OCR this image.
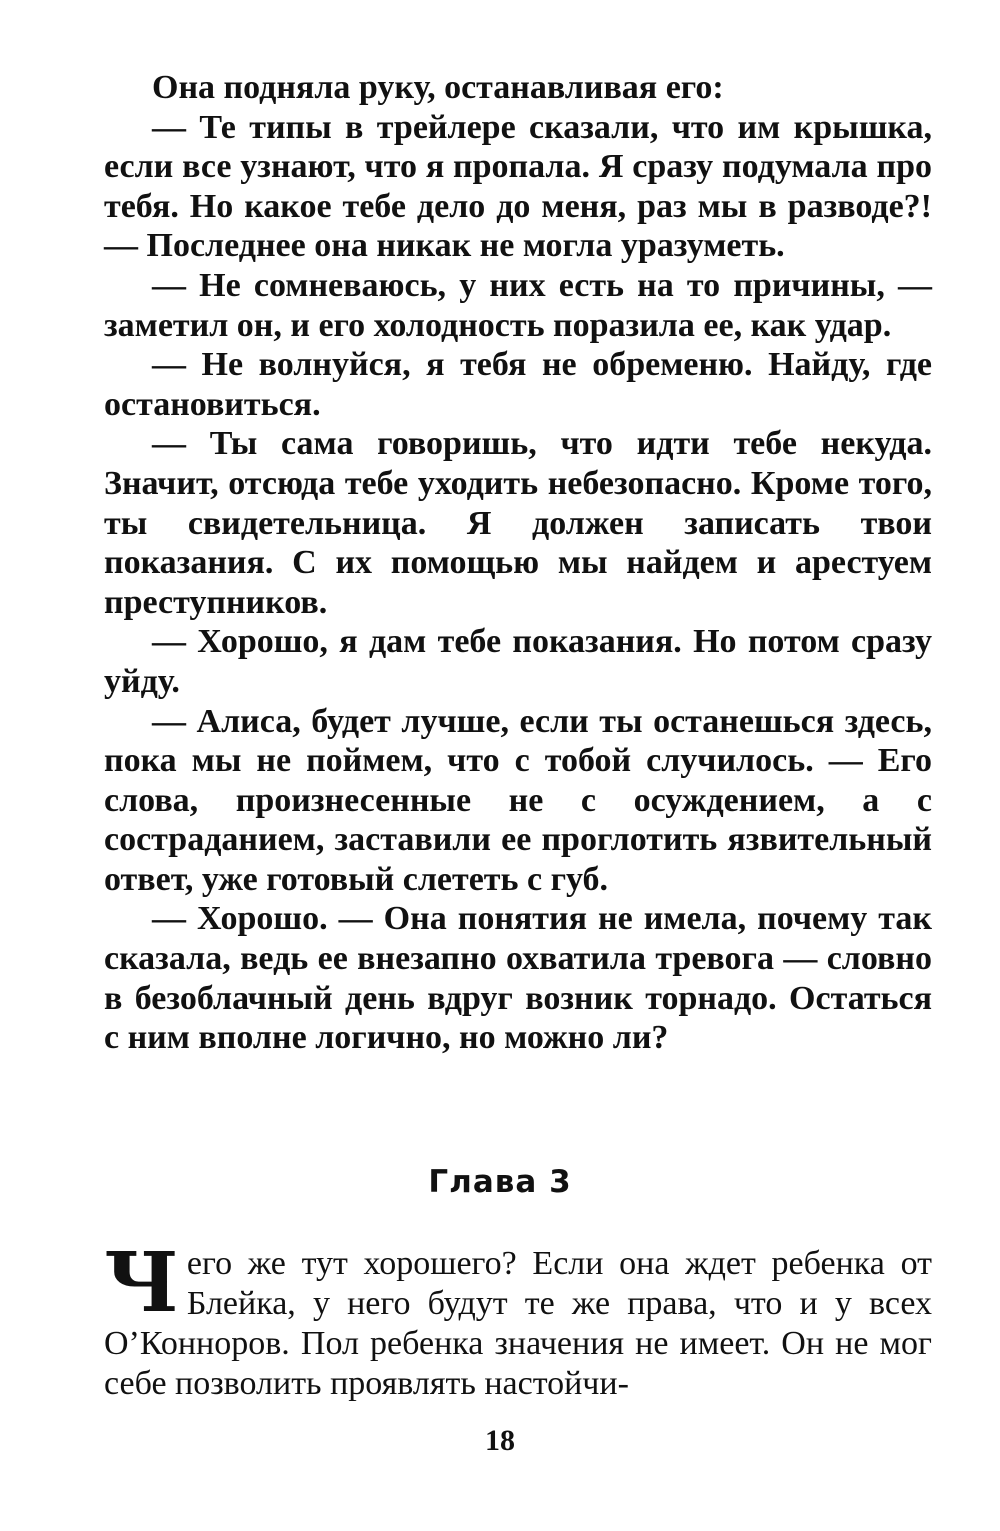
Она подняла руку, останавливая его:

— Те типы в трейлере сказали, что им крышка, если все узнают, что я пропала. Я сразу подумала про тебя. Но какое тебе дело до меня, раз мы в разводе?! — Последнее она никак не могла уразуметь.

— Не сомневаюсь, у них есть на то причины, — заметил он, и его холодность поразила ее, как удар.

— Не волнуйся, я тебя не обременю. Найду, где остановиться.

— Ты сама говоришь, что идти тебе некуда. Значит, отсюда тебе уходить небезопасно. Кроме того, ты свидетельница. Я должен записать твои показания. С их помощью мы найдем и арестуем преступников.

— Хорошо, я дам тебе показания. Но потом сразу уйду.

— Алиса, будет лучше, если ты останешься здесь, пока мы не поймем, что с тобой случилось. — Его слова, произнесенные не с осуждением, а с состраданием, заставили ее проглотить язвительный ответ, уже готовый слететь с губ.

— Хорошо. — Она понятия не имела, почему так сказала, ведь ее внезапно охватила тревога — словно в безоблачный день вдруг возник торнадо. Остаться с ним вполне логично, но можно ли?

Глава 3
Ч его же тут хорошего? Если она ждет ребенка от Блейка, у него будут те же права, что и у всех О’Конноров. Пол ребенка значения не имеет. Он не мог себе позволить проявлять настойчи-

18
